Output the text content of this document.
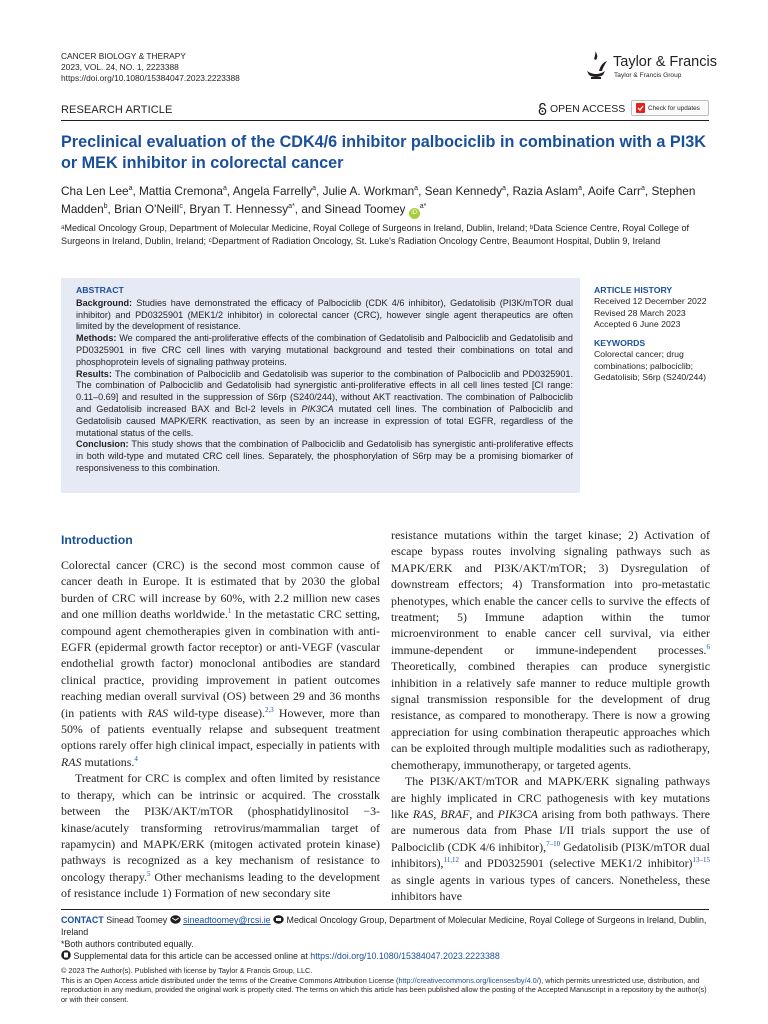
CANCER BIOLOGY & THERAPY
2023, VOL. 24, NO. 1, 2223388
https://doi.org/10.1080/15384047.2023.2223388
Taylor & Francis
Taylor & Francis Group
RESEARCH ARTICLE	OPEN ACCESS	Check for updates
Preclinical evaluation of the CDK4/6 inhibitor palbociclib in combination with a PI3K or MEK inhibitor in colorectal cancer
Cha Len Lee$^a$, Mattia Cremona$^a$, Angela Farrelly$^a$, Julie A. Workman$^a$, Sean Kennedy$^a$, Razia Aslam$^a$, Aoife Carr$^a$, Stephen Madden$^b$, Brian O'Neill$^c$, Bryan T. Hennessy$^{a*}$, and Sinead Toomey $iD^{a*}$
ᵃMedical Oncology Group, Department of Molecular Medicine, Royal College of Surgeons in Ireland, Dublin, Ireland; ᵇData Science Centre, Royal College of Surgeons in Ireland, Dublin, Ireland; ᶜDepartment of Radiation Oncology, St. Luke's Radiation Oncology Centre, Beaumont Hospital, Dublin 9, Ireland
ABSTRACT
Background: Studies have demonstrated the efficacy of Palbociclib (CDK 4/6 inhibitor), Gedatolisib (PI3K/mTOR dual inhibitor) and PD0325901 (MEK1/2 inhibitor) in colorectal cancer (CRC), however single agent therapeutics are often limited by the development of resistance.
Methods: We compared the anti-proliferative effects of the combination of Gedatolisib and Palbociclib and Gedatolisib and PD0325901 in five CRC cell lines with varying mutational background and tested their combinations on total and phosphoprotein levels of signaling pathway proteins.
Results: The combination of Palbociclib and Gedatolisib was superior to the combination of Palbociclib and PD0325901. The combination of Palbociclib and Gedatolisib had synergistic anti-proliferative effects in all cell lines tested [CI range: 0.11–0.69] and resulted in the suppression of S6rp (S240/244), without AKT reactivation. The combination of Palbociclib and Gedatolisib increased BAX and Bcl-2 levels in PIK3CA mutated cell lines. The combination of Palbociclib and Gedatolisib caused MAPK/ERK reactivation, as seen by an increase in expression of total EGFR, regardless of the mutational status of the cells.
Conclusion: This study shows that the combination of Palbociclib and Gedatolisib has synergistic anti-proliferative effects in both wild-type and mutated CRC cell lines. Separately, the phosphorylation of S6rp may be a promising biomarker of responsiveness to this combination.
ARTICLE HISTORY
Received 12 December 2022
Revised 28 March 2023
Accepted 6 June 2023
KEYWORDS
Colorectal cancer; drug combinations; palbociclib; Gedatolisib; S6rp (S240/244)
Introduction

Colorectal cancer (CRC) is the second most common cause of cancer death in Europe. It is estimated that by 2030 the global burden of CRC will increase by 60%, with 2.2 million new cases and one million deaths worldwide.$^1$ In the metastatic CRC setting, compound agent chemotherapies given in combination with anti-EGFR (epidermal growth factor receptor) or anti-VEGF (vascular endothelial growth factor) monoclonal antibodies are standard clinical practice, providing improvement in patient outcomes reaching median overall survival (OS) between 29 and 36 months (in patients with RAS wild-type disease).$^{2,3}$ However, more than 50% of patients eventually relapse and subsequent treatment options rarely offer high clinical impact, especially in patients with RAS mutations.$^4$

Treatment for CRC is complex and often limited by resistance to therapy, which can be intrinsic or acquired. The crosstalk between the PI3K/AKT/mTOR (phosphatidylinositol −3-kinase/acutely transforming retrovirus/mammalian target of rapamycin) and MAPK/ERK (mitogen activated protein kinase) pathways is recognized as a key mechanism of resistance to oncology therapy.$^5$ Other mechanisms leading to the development of resistance include 1) Formation of new secondary site

resistance mutations within the target kinase; 2) Activation of escape bypass routes involving signaling pathways such as MAPK/ERK and PI3K/AKT/mTOR; 3) Dysregulation of downstream effectors; 4) Transformation into pro-metastatic phenotypes, which enable the cancer cells to survive the effects of treatment; 5) Immune adaption within the tumor microenvironment to enable cancer cell survival, via either immune-dependent or immune-independent processes.$^6$ Theoretically, combined therapies can produce synergistic inhibition in a relatively safe manner to reduce multiple growth signal transmission responsible for the development of drug resistance, as compared to monotherapy. There is now a growing appreciation for using combination therapeutic approaches which can be exploited through multiple modalities such as radiotherapy, chemotherapy, immunotherapy, or targeted agents.

The PI3K/AKT/mTOR and MAPK/ERK signaling pathways are highly implicated in CRC pathogenesis with key mutations like RAS, BRAF, and PIK3CA arising from both pathways. There are numerous data from Phase I/II trials support the use of Palbociclib (CDK 4/6 inhibitor),$^{7-10}$ Gedatolisib (PI3K/mTOR dual inhibitors),$^{11,12}$ and PD0325901 (selective MEK1/2 inhibitor)$^{13-15}$ as single agents in various types of cancers. Nonetheless, these inhibitors have

CONTACT Sinead Toomey sineadtoomey@rcsi.ie Medical Oncology Group, Department of Molecular Medicine, Royal College of Surgeons in Ireland, Dublin, Ireland
*Both authors contributed equally.
Supplemental data for this article can be accessed online at https://doi.org/10.1080/15384047.2023.2223388
© 2023 The Author(s). Published with license by Taylor & Francis Group, LLC.
This is an Open Access article distributed under the terms of the Creative Commons Attribution License (http://creativecommons.org/licenses/by/4.0/), which permits unrestricted use, distribution, and reproduction in any medium, provided the original work is properly cited. The terms on which this article has been published allow the posting of the Accepted Manuscript in a repository by the author(s) or with their consent.
